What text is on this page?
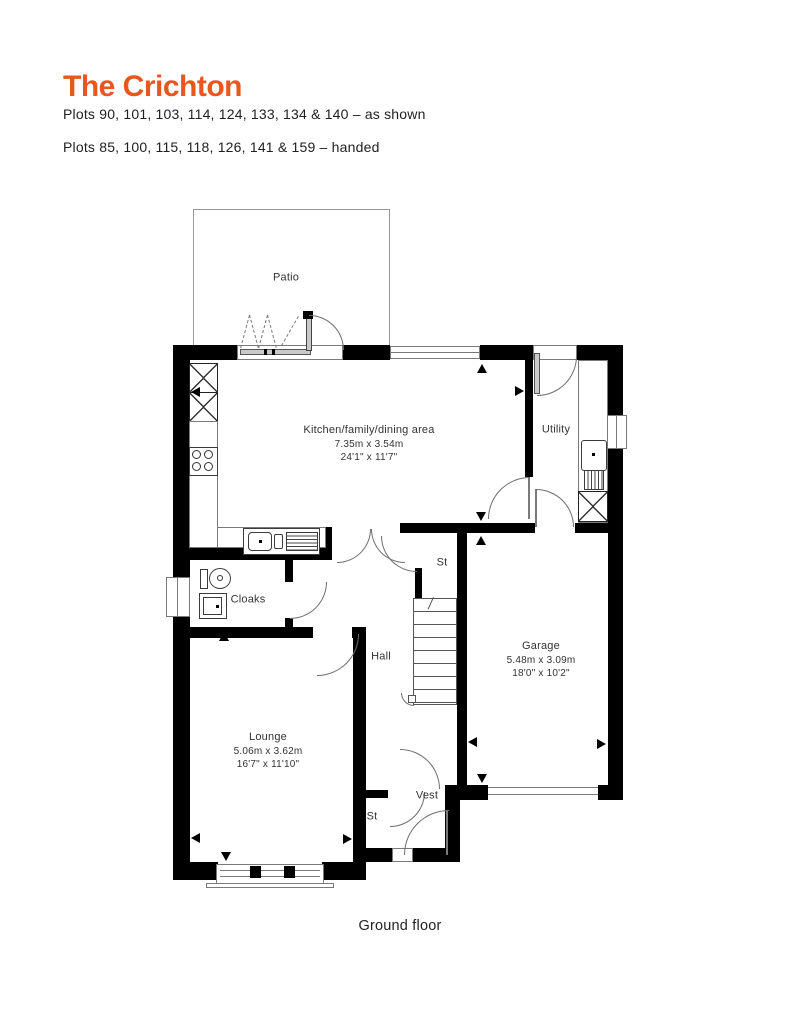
The Crichton
Plots 90, 101, 103, 114, 124, 133, 134 & 140 – as shown
Plots 85, 100, 115, 118, 126, 141 & 159 – handed
Patio
Kitchen/family/dining area
7.35m x 3.54m
24'1" x 11'7"
Utility
Cloaks
St
Hall
Garage
5.48m x 3.09m
18'0" x 10'2"
Lounge
5.06m x 3.62m
16'7" x 11'10"
St
Vest
Ground floor
